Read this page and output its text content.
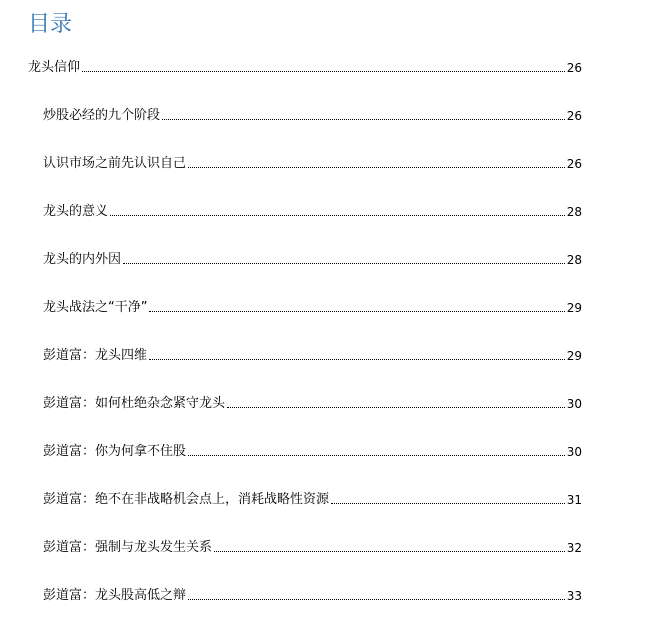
目录
龙头信仰	26
炒股必经的九个阶段	26
认识市场之前先认识自己	26
龙头的意义	28
龙头的内外因	28
龙头战法之“干净”	29
彭道富：龙头四维	29
彭道富：如何杜绝杂念紧守龙头	30
彭道富：你为何拿不住股	30
彭道富：绝不在非战略机会点上，消耗战略性资源	31
彭道富：强制与龙头发生关系	32
彭道富：龙头股高低之辩	33
